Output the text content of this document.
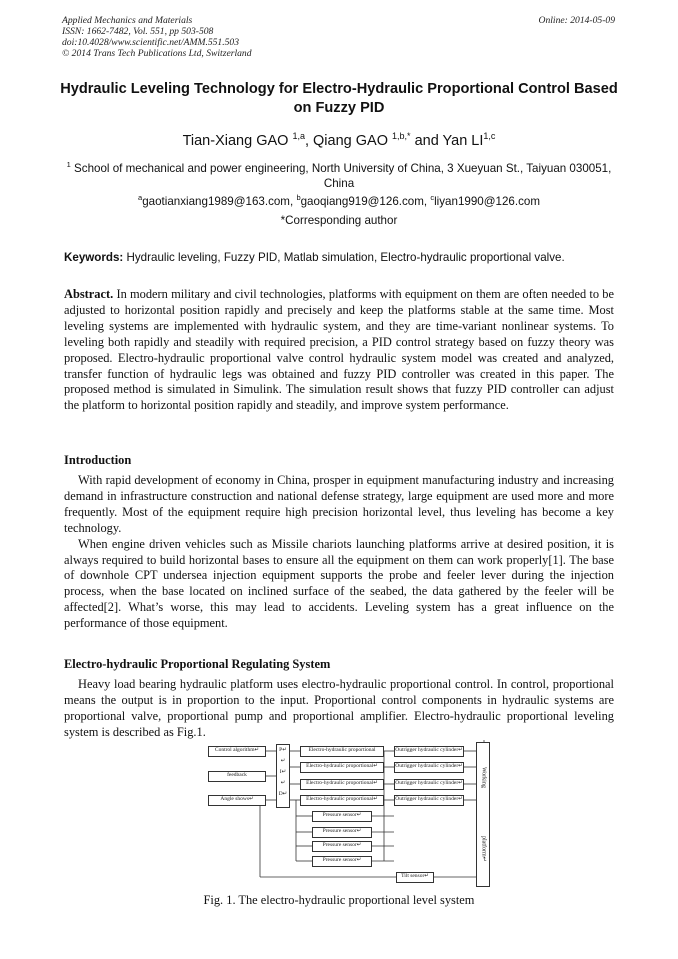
Applied Mechanics and Materials
ISSN: 1662-7482, Vol. 551, pp 503-508
doi:10.4028/www.scientific.net/AMM.551.503
© 2014 Trans Tech Publications Ltd, Switzerland
Online: 2014-05-09
Hydraulic Leveling Technology for Electro-Hydraulic Proportional Control Based on Fuzzy PID
Tian-Xiang GAO $^{1,a}$, Qiang GAO $^{1,b,*}$ and Yan LI$^{1,c}$
$^1$ School of mechanical and power engineering, North University of China, 3 Xueyuan St., Taiyuan 030051, China
$^a$gaotianxiang1989@163.com, $^b$gaoqiang919@126.com, $^c$liyan1990@126.com
*Corresponding author
Keywords: Hydraulic leveling, Fuzzy PID, Matlab simulation, Electro-hydraulic proportional valve.
Abstract. In modern military and civil technologies, platforms with equipment on them are often needed to be adjusted to horizontal position rapidly and precisely and keep the platforms stable at the same time. Most leveling systems are implemented with hydraulic system, and they are time-variant nonlinear systems. To leveling both rapidly and steadily with required precision, a PID control strategy based on fuzzy theory was proposed. Electro-hydraulic proportional valve control hydraulic system model was created and analyzed, transfer function of hydraulic legs was obtained and fuzzy PID controller was created in this paper. The proposed method is simulated in Simulink. The simulation result shows that fuzzy PID controller can adjust the platform to horizontal position rapidly and steadily, and improve system performance.
Introduction

With rapid development of economy in China, prosper in equipment manufacturing industry and increasing demand in infrastructure construction and national defense strategy, large equipment are used more and more frequently. Most of the equipment require high precision horizontal level, thus leveling has become a key technology.

When engine driven vehicles such as Missile chariots launching platforms arrive at desired position, it is always required to build horizontal bases to ensure all the equipment on them can work properly[1]. The base of downhole CPT undersea injection equipment supports the probe and feeler lever during the injection process, when the base located on inclined surface of the seabed, the data gathered by the feeler will be affected[2]. What’s worse, this may lead to accidents. Leveling system has a great influence on the performance of those equipment.

Electro-hydraulic Proportional Regulating System

Heavy load bearing hydraulic platform uses electro-hydraulic proportional control. In control, proportional means the output is in proportion to the input. Proportional control components in hydraulic systems are proportional valve, proportional pump and proportional amplifier. Electro-hydraulic proportional leveling system is described as Fig.1.

Control algorithm↵
feedback
Angle shows↵
P↵
↵
I↵
↵
D↵
Electro-hydraulic proportional
Electro-hydraulic proportional↵
Electro-hydraulic proportional↵
Electro-hydraulic proportional↵
Outrigger hydraulic cylinder↵
Outrigger hydraulic cylinder↵
Outrigger hydraulic cylinder↵
Outrigger hydraulic cylinder↵
Pressure sensor↵
Pressure sensor↵
Pressure sensor↵
Pressure sensor↵
Tilt sensor↵
Working
platform↵
Fig. 1. The electro-hydraulic proportional level system
